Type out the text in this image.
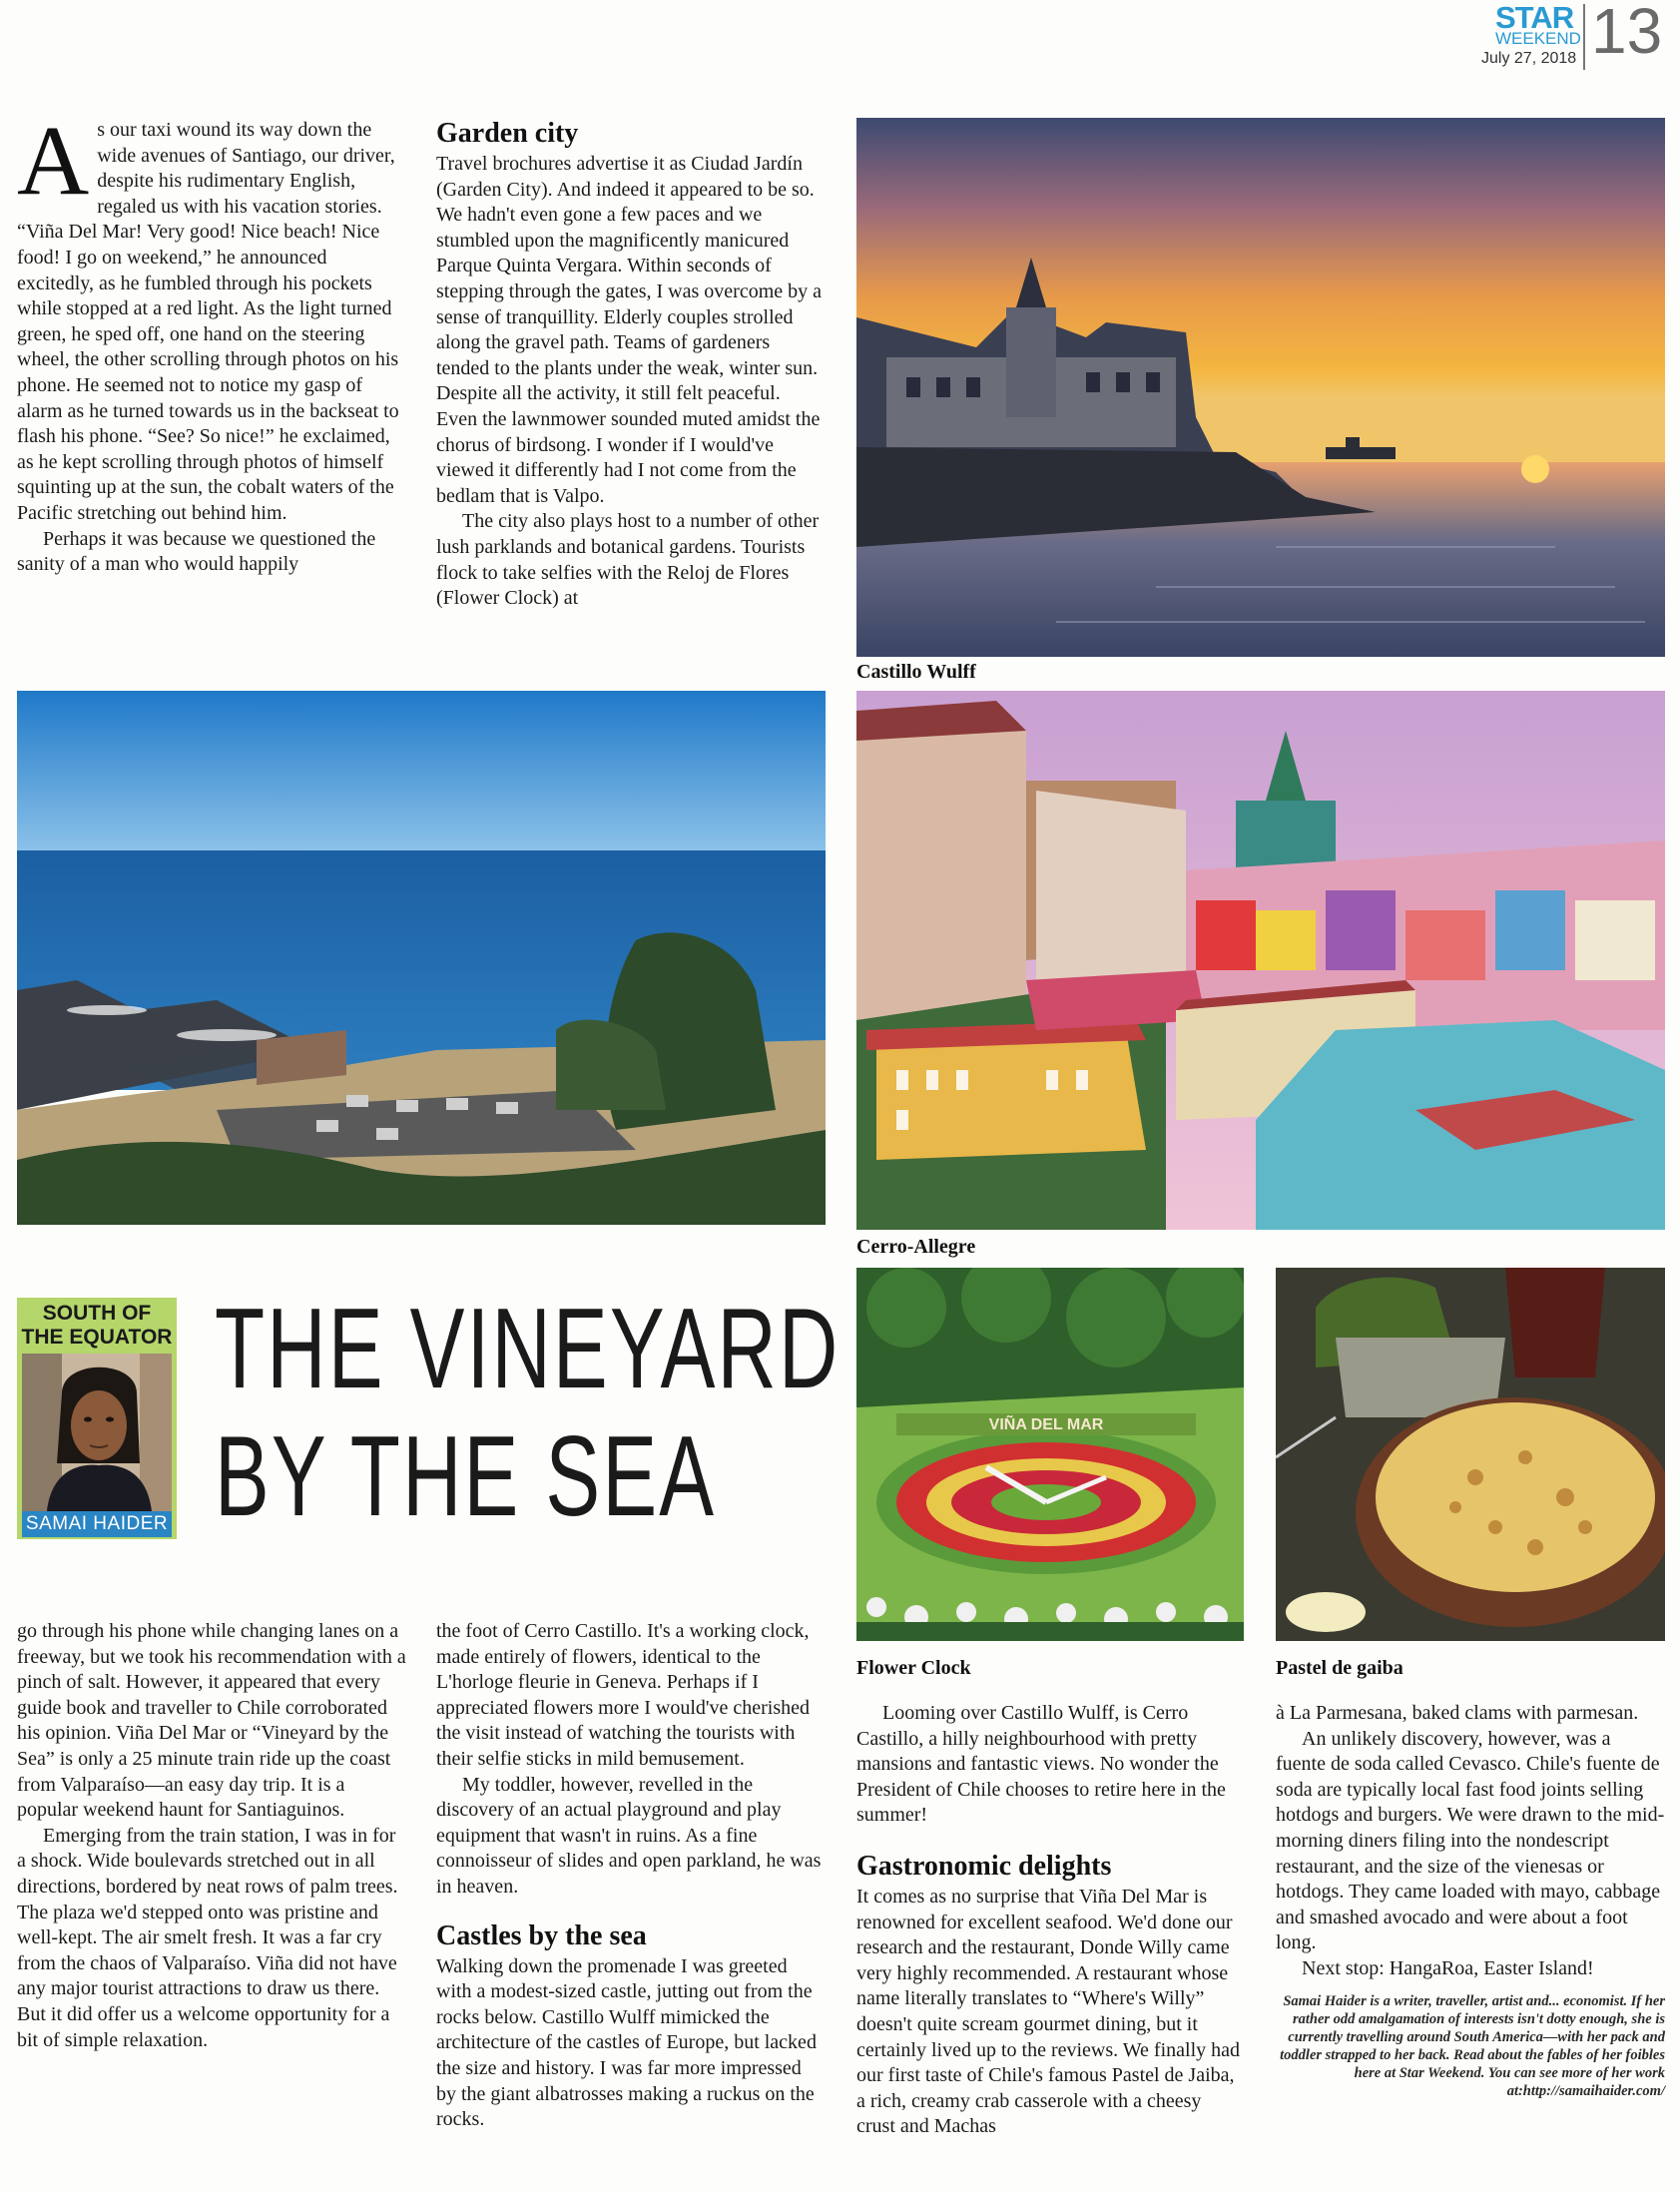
STAR
WEEKEND
July 27, 2018 13
A s our taxi wound its way down the wide avenues of Santiago, our driver, despite his rudimentary English, regaled us with his vacation stories. “Viña Del Mar! Very good! Nice beach! Nice food! I go on weekend,” he announced excitedly, as he fumbled through his pockets while stopped at a red light. As the light turned green, he sped off, one hand on the steering wheel, the other scrolling through photos on his phone. He seemed not to notice my gasp of alarm as he turned towards us in the backseat to flash his phone. “See? So nice!” he exclaimed, as he kept scrolling through photos of himself squinting up at the sun, the cobalt waters of the Pacific stretching out behind him.

Perhaps it was because we questioned the sanity of a man who would happily

Garden city

Travel brochures advertise it as Ciudad Jardín (Garden City). And indeed it appeared to be so. We hadn't even gone a few paces and we stumbled upon the magnificently manicured Parque Quinta Vergara. Within seconds of stepping through the gates, I was overcome by a sense of tranquillity. Elderly couples strolled along the gravel path. Teams of gardeners tended to the plants under the weak, winter sun. Despite all the activity, it still felt peaceful. Even the lawnmower sounded muted amidst the chorus of birdsong. I wonder if I would've viewed it differently had I not come from the bedlam that is Valpo.

The city also plays host to a number of other lush parklands and botanical gardens. Tourists flock to take selfies with the Reloj de Flores (Flower Clock) at

Castillo Wulff
Cerro-Allegre
SOUTH OF
THE EQUATOR
SAMAI HAIDER
THE VINEYARD
BY THE SEA	VIÑA DEL MAR
Flower Clock	Pastel de gaiba

go through his phone while changing lanes on a freeway, but we took his recommendation with a pinch of salt. However, it appeared that every guide book and traveller to Chile corroborated his opinion. Viña Del Mar or “Vineyard by the Sea” is only a 25 minute train ride up the coast from Valparaíso—an easy day trip. It is a popular weekend haunt for Santiaguinos.

Emerging from the train station, I was in for a shock. Wide boulevards stretched out in all directions, bordered by neat rows of palm trees. The plaza we'd stepped onto was pristine and well-kept. The air smelt fresh. It was a far cry from the chaos of Valparaíso. Viña did not have any major tourist attractions to draw us there. But it did offer us a welcome opportunity for a bit of simple relaxation.

the foot of Cerro Castillo. It's a working clock, made entirely of flowers, identical to the L'horloge fleurie in Geneva. Perhaps if I appreciated flowers more I would've cherished the visit instead of watching the tourists with their selfie sticks in mild bemusement.

My toddler, however, revelled in the discovery of an actual playground and play equipment that wasn't in ruins. As a fine connoisseur of slides and open parkland, he was in heaven.

Castles by the sea

Walking down the promenade I was greeted with a modest-sized castle, jutting out from the rocks below. Castillo Wulff mimicked the architecture of the castles of Europe, but lacked the size and history. I was far more impressed by the giant albatrosses making a ruckus on the rocks.

Looming over Castillo Wulff, is Cerro Castillo, a hilly neighbourhood with pretty mansions and fantastic views. No wonder the President of Chile chooses to retire here in the summer!

Gastronomic delights

It comes as no surprise that Viña Del Mar is renowned for excellent seafood. We'd done our research and the restaurant, Donde Willy came very highly recommended. A restaurant whose name literally translates to “Where's Willy” doesn't quite scream gourmet dining, but it certainly lived up to the reviews. We finally had our first taste of Chile's famous Pastel de Jaiba, a rich, creamy crab casserole with a cheesy crust and Machas

à La Parmesana, baked clams with parmesan.

An unlikely discovery, however, was a fuente de soda called Cevasco. Chile's fuente de soda are typically local fast food joints selling hotdogs and burgers. We were drawn to the mid-morning diners filing into the nondescript restaurant, and the size of the vienesas or hotdogs. They came loaded with mayo, cabbage and smashed avocado and were about a foot long.

Next stop: HangaRoa, Easter Island!

Samai Haider is a writer, traveller, artist and... economist. If her rather odd amalgamation of interests isn't dotty enough, she is currently travelling around South America—with her pack and toddler strapped to her back. Read about the fables of her foibles here at Star Weekend. You can see more of her work at:http://samaihaider.com/
